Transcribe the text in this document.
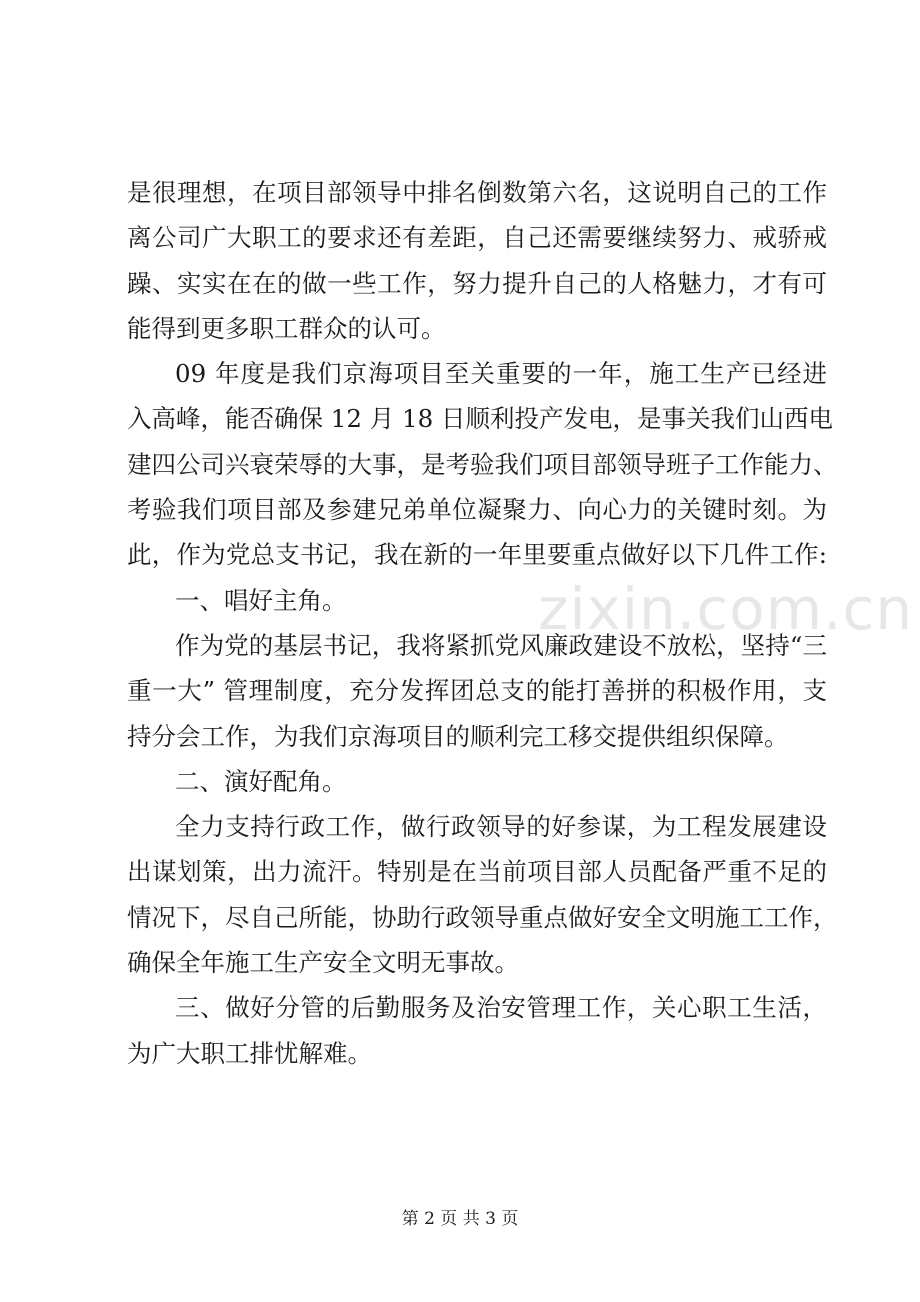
是很理想，在项目部领导中排名倒数第六名，这说明自己的工作
离公司广大职工的要求还有差距，自己还需要继续努力、戒骄戒
躁、实实在在的做一些工作，努力提升自己的人格魅力，才有可
能得到更多职工群众的认可。
09 年度是我们京海项目至关重要的一年，施工生产已经进
入高峰，能否确保 12 月 18 日顺利投产发电，是事关我们山西电
建四公司兴衰荣辱的大事，是考验我们项目部领导班子工作能力、
考验我们项目部及参建兄弟单位凝聚力、向心力的关键时刻。为
此，作为党总支书记，我在新的一年里要重点做好以下几件工作:
一、唱好主角。
作为党的基层书记，我将紧抓党风廉政建设不放松，坚持“三
重一大” 管理制度，充分发挥团总支的能打善拼的积极作用，支
持分会工作，为我们京海项目的顺利完工移交提供组织保障。
二、演好配角。
全力支持行政工作，做行政领导的好参谋，为工程发展建设
出谋划策，出力流汗。特别是在当前项目部人员配备严重不足的
情况下，尽自己所能，协助行政领导重点做好安全文明施工工作，
确保全年施工生产安全文明无事故。
三、做好分管的后勤服务及治安管理工作，关心职工生活，
为广大职工排忧解难。
zixin.com.cn
第 2 页 共 3 页
